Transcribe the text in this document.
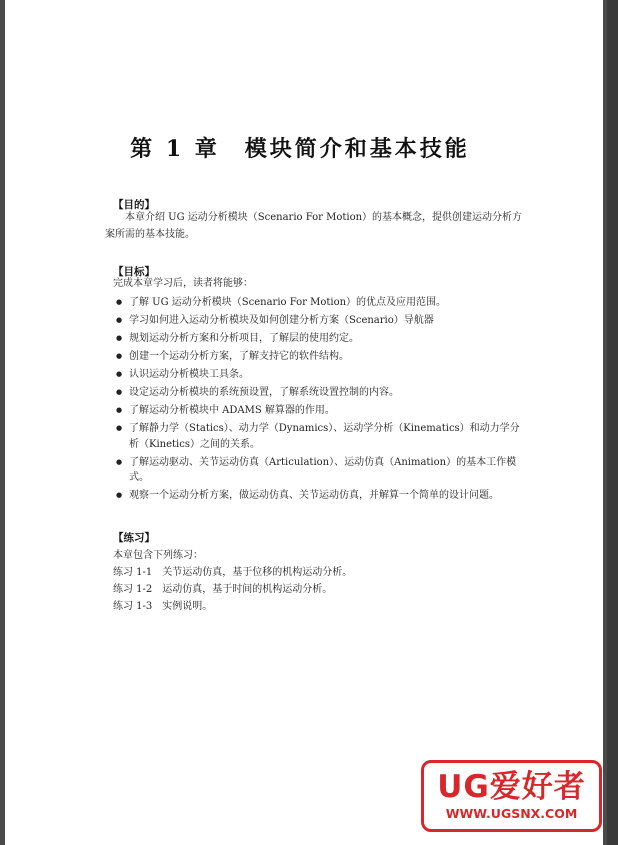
第 1 章　模块简介和基本技能
【目的】
本章介绍 UG 运动分析模块（Scenario For Motion）的基本概念，提供创建运动分析方案所需的基本技能。
【目标】
完成本章学习后，读者将能够：
● 了解 UG 运动分析模块（Scenario For Motion）的优点及应用范围。
● 学习如何进入运动分析模块及如何创建分析方案（Scenario）导航器
● 规划运动分析方案和分析项目，了解层的使用约定。
● 创建一个运动分析方案，了解支持它的软件结构。
● 认识运动分析模块工具条。
● 设定运动分析模块的系统预设置，了解系统设置控制的内容。
● 了解运动分析模块中 ADAMS 解算器的作用。
● 了解静力学（Statics）、动力学（Dynamics）、运动学分析（Kinematics）和动力学分析（Kinetics）之间的关系。
● 了解运动驱动、关节运动仿真（Articulation）、运动仿真（Animation）的基本工作模式。
● 观察一个运动分析方案，做运动仿真、关节运动仿真，并解算一个简单的设计问题。
【练习】
本章包含下列练习：
练习 1-1　关节运动仿真，基于位移的机构运动分析。
练习 1-2　运动仿真，基于时间的机构运动分析。
练习 1-3　实例说明。
UG爱好者
WWW.UGSNX.COM
